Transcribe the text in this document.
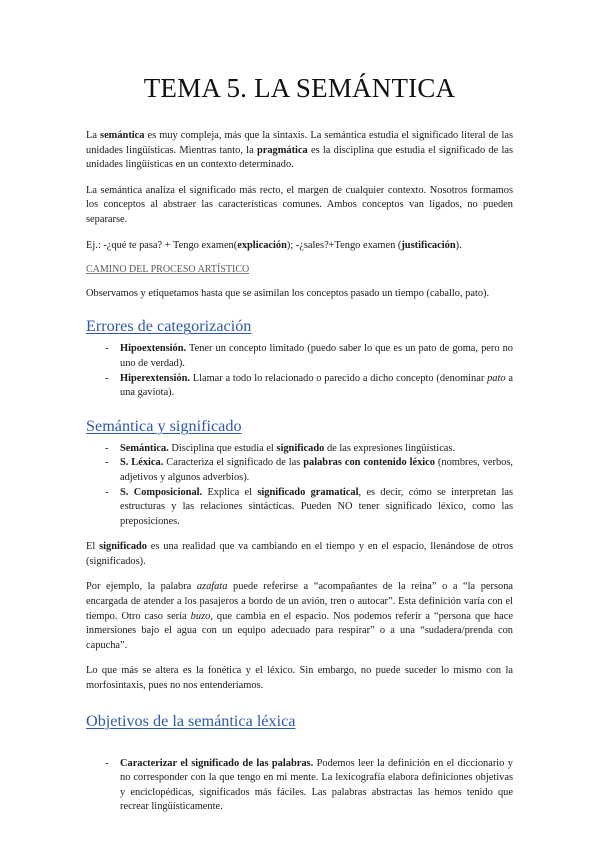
TEMA 5. LA SEMÁNTICA

La semántica es muy compleja, más que la sintaxis. La semántica estudia el significado literal de las unidades lingüísticas. Mientras tanto, la pragmática es la disciplina que estudia el significado de las unidades lingüísticas en un contexto determinado.

La semántica analiza el significado más recto, el margen de cualquier contexto. Nosotros formamos los conceptos al abstraer las características comunes. Ambos conceptos van ligados, no pueden separarse.

Ej.: -¿qué te pasa? + Tengo examen(explicación); -¿sales?+Tengo examen (justificación).

CAMINO DEL PROCESO ARTÍSTICO

Observamos y etiquetamos hasta que se asimilan los conceptos pasado un tiempo (caballo, pato).

Errores de categorización
- Hipoextensión. Tener un concepto limitado (puedo saber lo que es un pato de goma, pero no uno de verdad).
- Hiperextensión. Llamar a todo lo relacionado o parecido a dicho concepto (denominar pato a una gaviota).
Semántica y significado
- Semántica. Disciplina que estudia el significado de las expresiones lingüísticas.
- S. Léxica. Caracteriza el significado de las palabras con contenido léxico (nombres, verbos, adjetivos y algunos adverbios).
- S. Composicional. Explica el significado gramatical, es decir, cómo se interpretan las estructuras y las relaciones sintácticas. Pueden NO tener significado léxico, como las preposiciones.

El significado es una realidad que va cambiando en el tiempo y en el espacio, llenándose de otros (significados).

Por ejemplo, la palabra azafata puede referirse a “acompañantes de la reina” o a “la persona encargada de atender a los pasajeros a bordo de un avión, tren o autocar”. Esta definición varía con el tiempo. Otro caso sería buzo, que cambia en el espacio. Nos podemos referir a “persona que hace inmersiones bajo el agua con un equipo adecuado para respirar” o a una “sudadera/prenda con capucha”.

Lo que más se altera es la fonética y el léxico. Sin embargo, no puede suceder lo mismo con la morfosintaxis, pues no nos entenderíamos.

Objetivos de la semántica léxica
- Caracterizar el significado de las palabras. Podemos leer la definición en el diccionario y no corresponder con la que tengo en mi mente. La lexicografía elabora definiciones objetivas y enciclopédicas, significados más fáciles. Las palabras abstractas las hemos tenido que recrear lingüísticamente.
